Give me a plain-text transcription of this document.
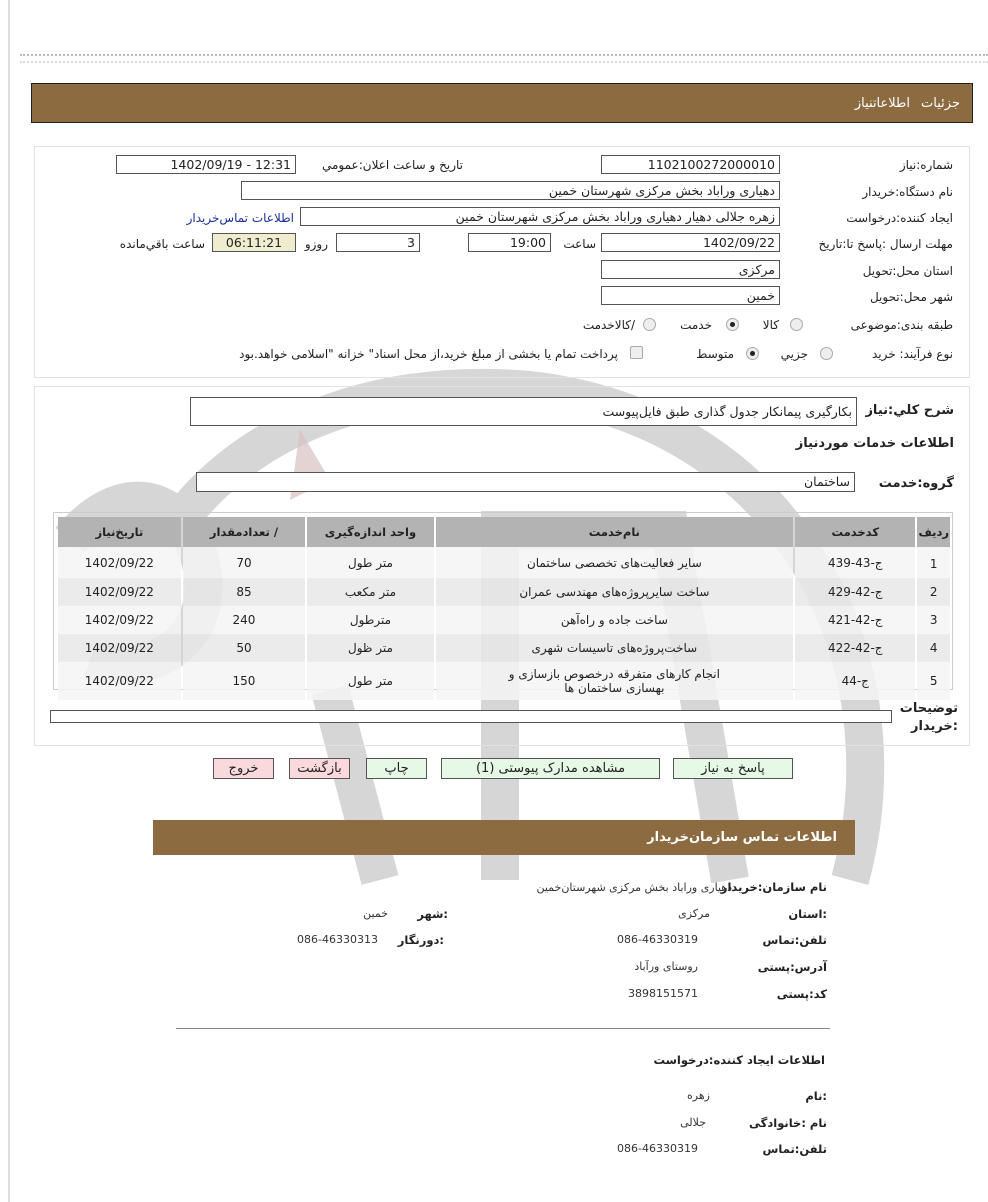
جزئیات
اطلاعاتنیاز
شماره:نیاز
1102100272000010
تاریخ و ساعت اعلان:عمومي
1402/09/19 - 12:31
نام دستگاه:خریدار
دهیاری وراباد بخش مرکزی شهرستان خمین
ایجاد کننده:درخواست
زهره جلالی دهیار دهیاری وراباد بخش مرکزی شهرستان خمین
اطلاعات تماس‌خریدار
مهلت ارسال :پاسخ تا:تاریخ
1402/09/22
ساعت
19:00
3
روزو
06:11:21
ساعت باقي‌مانده
استان محل:تحویل
مرکزی
شهر محل:تحویل
خمین
طبقه بندی:موضوعی
کالا
خدمت
/کالاخدمت
نوع فرآیند: خرید
جزيي
متوسط
پرداخت تمام یا بخشی از مبلغ خرید،از محل اسناد" خزانه "اسلامی خواهد.بود
شرح کلي:نیاز
بکارگیری پیمانکار جدول گذاری طبق فایل‌پیوست
اطلاعات خدمات موردنیاز
گروه:خدمت
ساختمان
ردیف	کدخدمت	نام‌خدمت	واحد اندازه‌گیری	/ تعدادمقدار	تاریخ‌نیاز
1	ج-43-439	سایر فعالیت‌های تخصصی ساختمان	متر طول	70	1402/09/22
2	ج-42-429	ساخت سایرپروژه‌های مهندسی عمران	متر مکعب	85	1402/09/22
3	ج-42-421	ساخت جاده و راه‌آهن	مترطول	240	1402/09/22
4	ج-42-422	ساخت‌پروژه‌های تاسیسات شهری	متر ظول	50	1402/09/22
5	ج-44	انجام کارهای متفرقه درخصوص بازسازی و بهسازی ساختمان ها	متر طول	150	1402/09/22
توضیحات :خریدار
پاسخ به نیاز
مشاهده مدارک پیوستی (1)
چاپ
بازگشت
خروج
اطلاعات تماس سازمان‌خریدار
نام سازمان:خریدار
دهیاری وراباد بخش مرکزی شهرستان‌خمین
:استان
مرکزی
:شهر
خمین
تلفن:تماس
086-46330319
:دورنگار
086-46330313
آدرس:پستی
روستای ورآباد
کد:پستی
3898151571
اطلاعات ایجاد کننده:درخواست
:نام
زهره
نام :خانوادگی
جلالی
تلفن:تماس
086-46330319
